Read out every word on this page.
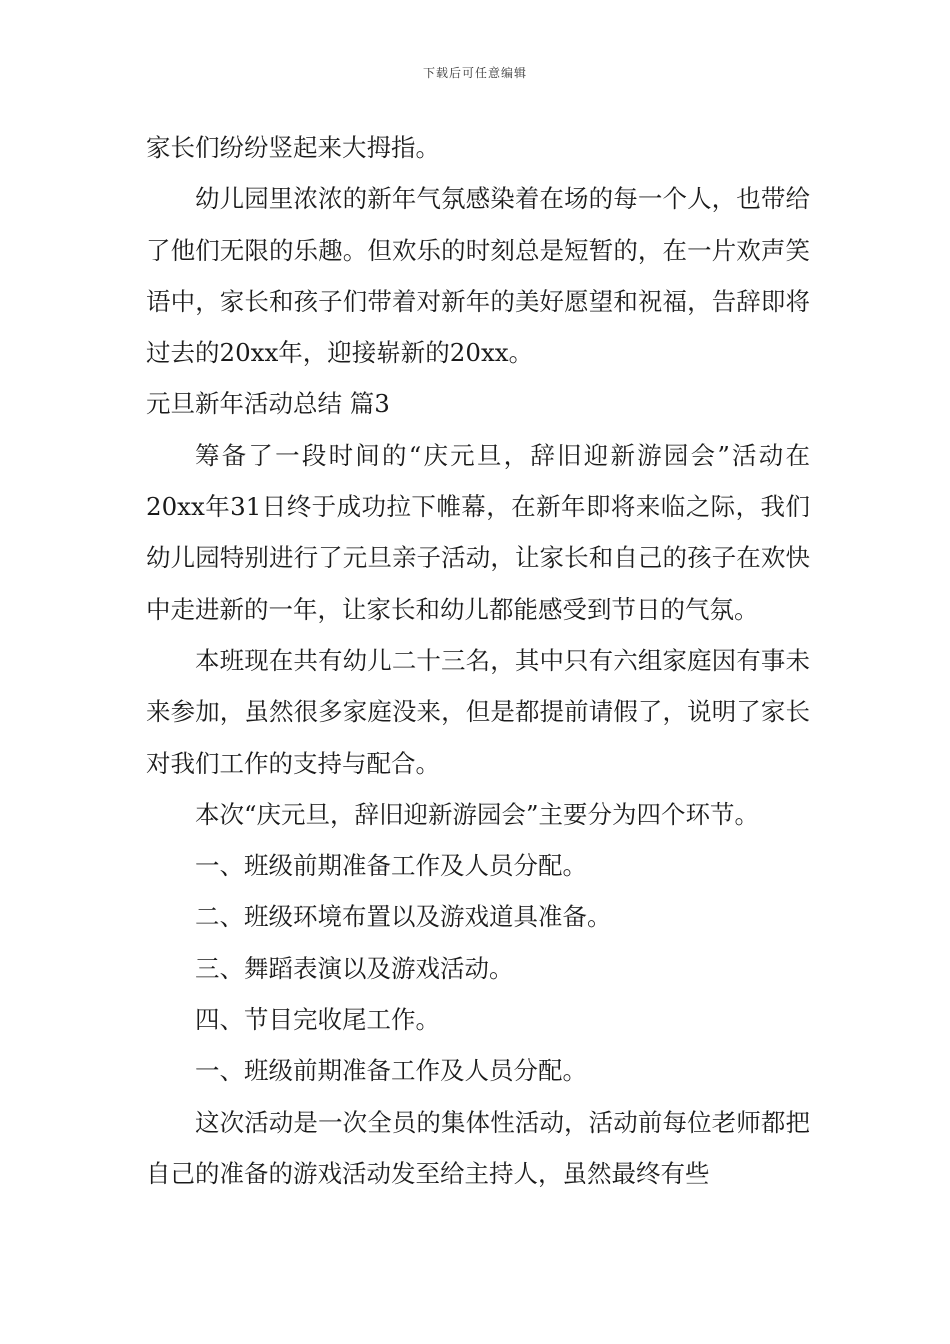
下载后可任意编辑

家长们纷纷竖起来大拇指。

幼儿园里浓浓的新年气氛感染着在场的每一个人，也带给了他们无限的乐趣。但欢乐的时刻总是短暂的，在一片欢声笑语中，家长和孩子们带着对新年的美好愿望和祝福，告辞即将过去的20xx年，迎接崭新的20xx。

元旦新年活动总结 篇3

筹备了一段时间的“庆元旦，辞旧迎新游园会”活动在20xx年31日终于成功拉下帷幕，在新年即将来临之际，我们幼儿园特别进行了元旦亲子活动，让家长和自己的孩子在欢快中走进新的一年，让家长和幼儿都能感受到节日的气氛。

本班现在共有幼儿二十三名，其中只有六组家庭因有事未来参加，虽然很多家庭没来，但是都提前请假了，说明了家长对我们工作的支持与配合。

本次“庆元旦，辞旧迎新游园会”主要分为四个环节。

一、班级前期准备工作及人员分配。

二、班级环境布置以及游戏道具准备。

三、舞蹈表演以及游戏活动。

四、节目完收尾工作。

一、班级前期准备工作及人员分配。

这次活动是一次全员的集体性活动，活动前每位老师都把自己的准备的游戏活动发至给主持人，虽然最终有些
